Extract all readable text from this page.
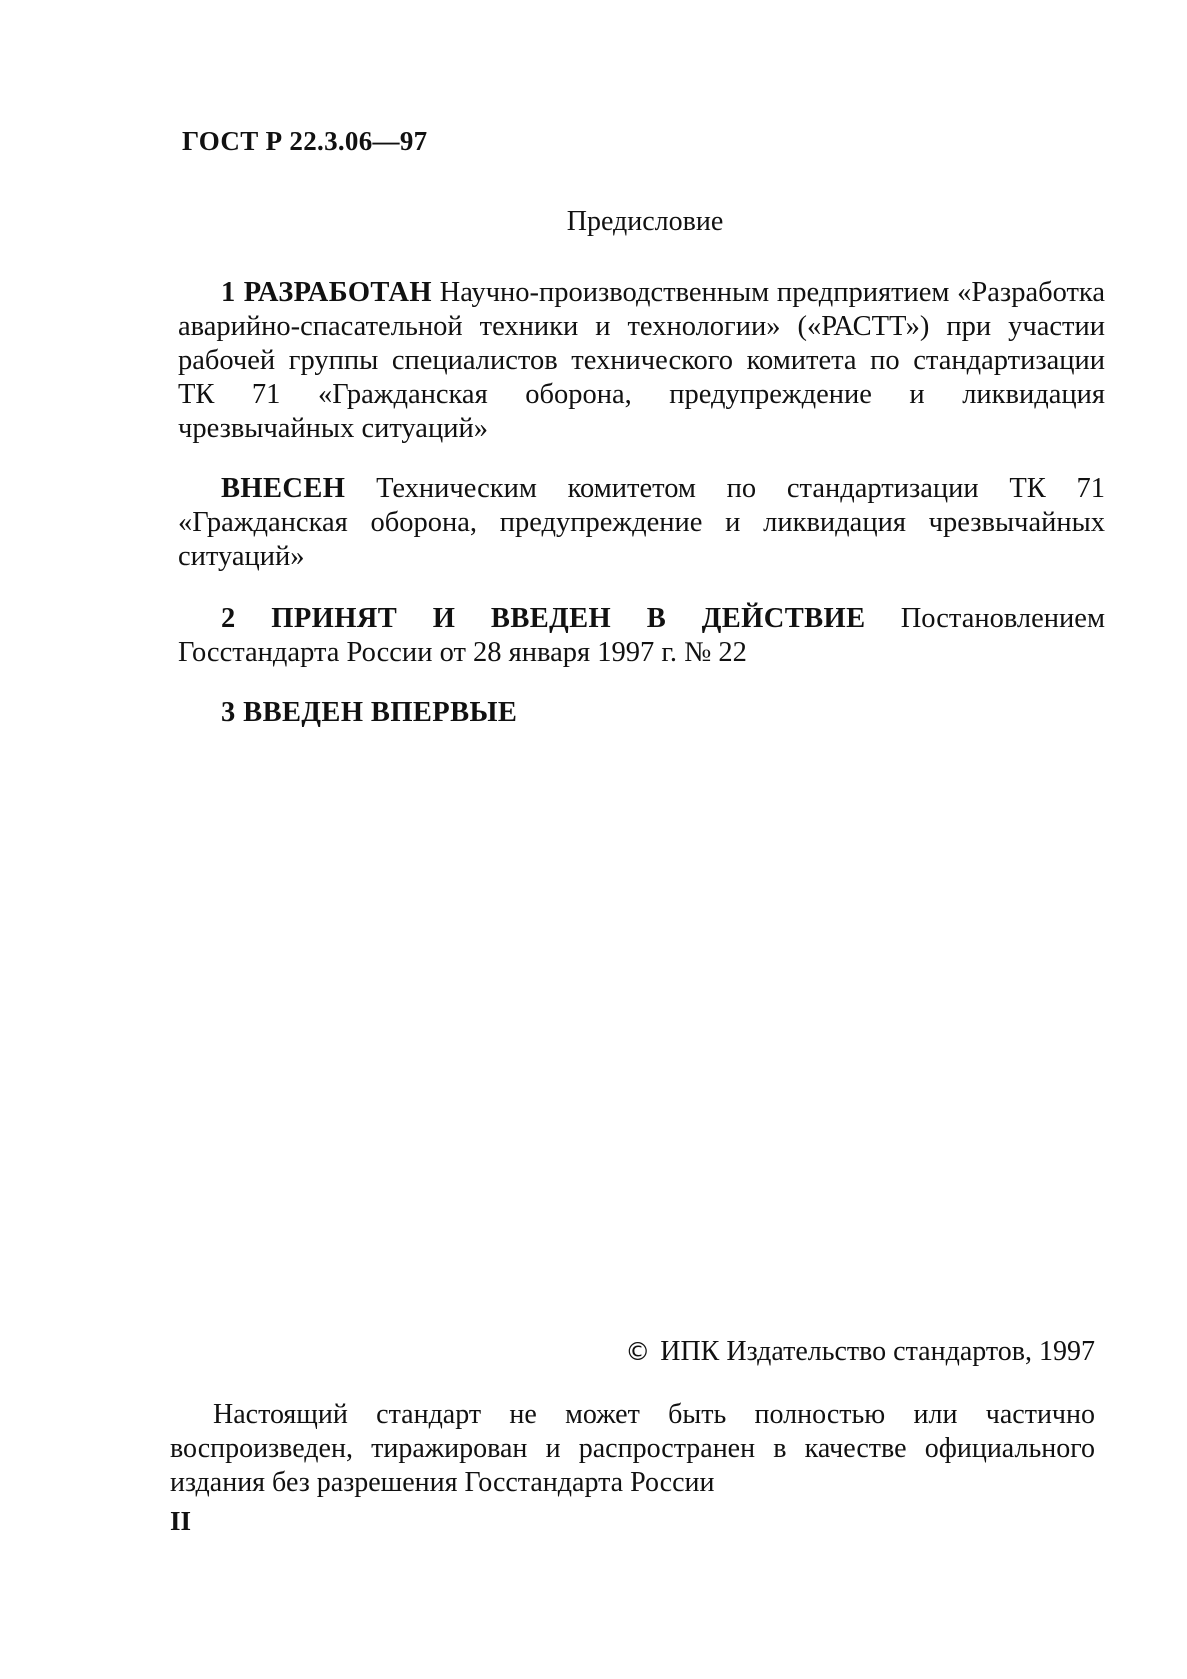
ГОСТ Р 22.3.06—97
Предисловие

1 РАЗРАБОТАН Научно-производственным предприятием «Разработка аварийно-спасательной техники и технологии» («РАСТТ») при участии рабочей группы специалистов технического комитета по стандартизации ТК 71 «Гражданская оборона, предупреждение и ликвидация чрезвычайных ситуаций»

ВНЕСЕН Техническим комитетом по стандартизации ТК 71 «Гражданская оборона, предупреждение и ликвидация чрезвычайных ситуаций»

2 ПРИНЯТ И ВВЕДЕН В ДЕЙСТВИЕ Постановлением Госстандарта России от 28 января 1997 г. № 22

3 ВВЕДЕН ВПЕРВЫЕ

© ИПК Издательство стандартов, 1997

Настоящий стандарт не может быть полностью или частично воспроизведен, тиражирован и распространен в качестве официального издания без разрешения Госстандарта России

II
